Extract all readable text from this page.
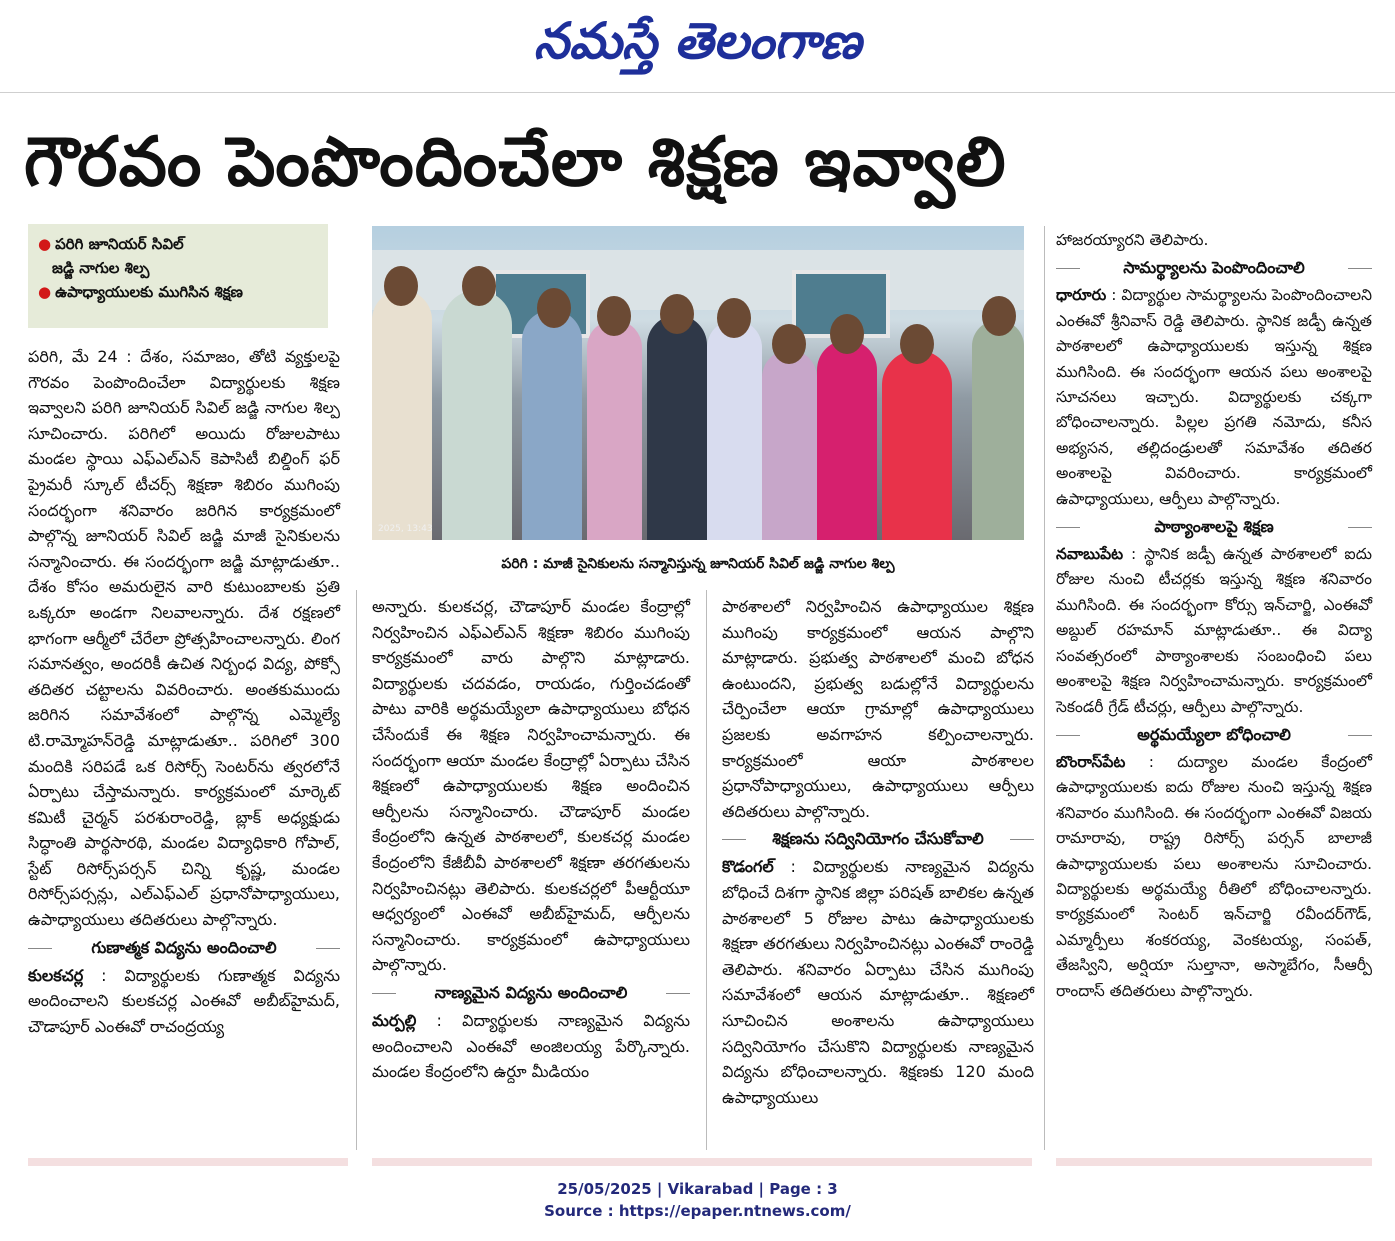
నమస్తే తెలంగాణ
గౌరవం పెంపొందించేలా శిక్షణ ఇవ్వాలి
● పరిగి జూనియర్ సివిల్
జడ్జి నాగుల శిల్ప
● ఉపాధ్యాయులకు ముగిసిన శిక్షణ
2025, 13:43
పరిగి : మాజీ సైనికులను సన్మానిస్తున్న జూనియర్ సివిల్ జడ్జి నాగుల శిల్ప

పరిగి, మే 24 : దేశం, సమాజం, తోటి వ్యక్తులపై గౌరవం పెంపొందించేలా విద్యార్థులకు శిక్షణ ఇవ్వాలని పరిగి జూనియర్ సివిల్ జడ్జి నాగుల శిల్ప సూచించారు. పరిగిలో అయిదు రోజులపాటు మండల స్థాయి ఎఫ్ఎల్ఎన్ కెపాసిటీ బిల్డింగ్ ఫర్ ప్రైమరీ స్కూల్ టీచర్స్ శిక్షణా శిబిరం ముగింపు సందర్భంగా శనివారం జరిగిన కార్యక్రమంలో పాల్గొన్న జూనియర్ సివిల్ జడ్జి మాజీ సైనికులను సన్మానించారు. ఈ సందర్భంగా జడ్జి మాట్లాడుతూ.. దేశం కోసం అమరులైన వారి కుటుంబాలకు ప్రతి ఒక్కరూ అండగా నిలవాలన్నారు. దేశ రక్షణలో భాగంగా ఆర్మీలో చేరేలా ప్రోత్సహించాలన్నారు. లింగ సమానత్వం, అందరికీ ఉచిత నిర్బంధ విద్య, పోక్సో తదితర చట్టాలను వివరించారు. అంతకుముందు జరిగిన సమావేశంలో పాల్గొన్న ఎమ్మెల్యే టి.రామ్మోహన్‌రెడ్డి మాట్లాడుతూ.. పరిగిలో 300 మందికి సరిపడే ఒక రిసోర్స్ సెంటర్‌ను త్వరలోనే ఏర్పాటు చేస్తామన్నారు. కార్యక్రమంలో మార్కెట్ కమిటీ చైర్మన్ పరశురాంరెడ్డి, బ్లాక్ అధ్యక్షుడు సిద్ధాంతి పార్థసారథి, మండల విద్యాధికారి గోపాల్, స్టేట్ రిసోర్స్‌పర్సన్ చిన్ని కృష్ణ, మండల రిసోర్స్‌పర్సన్లు, ఎల్ఎఫ్ఎల్ ప్రధానోపాధ్యాయులు, ఉపాధ్యాయులు తదితరులు పాల్గొన్నారు.

గుణాత్మక విద్యను అందించాలి

కులకచర్ల : విద్యార్థులకు గుణాత్మక విద్యను అందించాలని కులకచర్ల ఎంఈవో అబీబ్‌హైమద్, చౌడాపూర్ ఎంఈవో రాచంద్రయ్య

అన్నారు. కులకచర్ల, చౌడాపూర్ మండల కేంద్రాల్లో నిర్వహించిన ఎఫ్ఎల్ఎన్ శిక్షణా శిబిరం ముగింపు కార్యక్రమంలో వారు పాల్గొని మాట్లాడారు. విద్యార్థులకు చదవడం, రాయడం, గుర్తించడంతో పాటు వారికి అర్థమయ్యేలా ఉపాధ్యాయులు బోధన చేసేందుకే ఈ శిక్షణ నిర్వహించామన్నారు. ఈ సందర్భంగా ఆయా మండల కేంద్రాల్లో ఏర్పాటు చేసిన శిక్షణలో ఉపాధ్యాయులకు శిక్షణ అందించిన ఆర్పీలను సన్మానించారు. చౌడాపూర్ మండల కేంద్రంలోని ఉన్నత పాఠశాలలో, కులకచర్ల మండల కేంద్రంలోని కేజీబీవీ పాఠశాలలో శిక్షణా తరగతులను నిర్వహించినట్లు తెలిపారు. కులకచర్లలో పీఆర్టీయూ ఆధ్వర్యంలో ఎంఈవో అబీబ్‌హైమద్, ఆర్పీలను సన్మానించారు. కార్యక్రమంలో ఉపాధ్యాయులు పాల్గొన్నారు.

నాణ్యమైన విద్యను అందించాలి

మర్పల్లి : విద్యార్థులకు నాణ్యమైన విద్యను అందించాలని ఎంఈవో అంజిలయ్య పేర్కొన్నారు. మండల కేంద్రంలోని ఉర్దూ మీడియం

పాఠశాలలో నిర్వహించిన ఉపాధ్యాయుల శిక్షణ ముగింపు కార్యక్రమంలో ఆయన పాల్గొని మాట్లాడారు. ప్రభుత్వ పాఠశాలలో మంచి బోధన ఉంటుందని, ప్రభుత్వ బడుల్లోనే విద్యార్థులను చేర్పించేలా ఆయా గ్రామాల్లో ఉపాధ్యాయులు ప్రజలకు అవగాహన కల్పించాలన్నారు. కార్యక్రమంలో ఆయా పాఠశాలల ప్రధానోపాధ్యాయులు, ఉపాధ్యాయులు ఆర్పీలు తదితరులు పాల్గొన్నారు.

శిక్షణను సద్వినియోగం చేసుకోవాలి

కొడంగల్ : విద్యార్థులకు నాణ్యమైన విద్యను బోధించే దిశగా స్థానిక జిల్లా పరిషత్ బాలికల ఉన్నత పాఠశాలలో 5 రోజుల పాటు ఉపాధ్యాయులకు శిక్షణా తరగతులు నిర్వహించినట్లు ఎంఈవో రాంరెడ్డి తెలిపారు. శనివారం ఏర్పాటు చేసిన ముగింపు సమావేశంలో ఆయన మాట్లాడుతూ.. శిక్షణలో సూచించిన అంశాలను ఉపాధ్యాయులు సద్వినియోగం చేసుకొని విద్యార్థులకు నాణ్యమైన విద్యను బోధించాలన్నారు. శిక్షణకు 120 మంది ఉపాధ్యాయులు

హాజరయ్యారని తెలిపారు.

సామర్థ్యాలను పెంపొందించాలి

ధారూరు : విద్యార్థుల సామర్థ్యాలను పెంపొందించాలని ఎంఈవో శ్రీనివాస్ రెడ్డి తెలిపారు. స్థానిక జడ్పీ ఉన్నత పాఠశాలలో ఉపాధ్యాయులకు ఇస్తున్న శిక్షణ ముగిసింది. ఈ సందర్భంగా ఆయన పలు అంశాలపై సూచనలు ఇచ్చారు. విద్యార్థులకు చక్కగా బోధించాలన్నారు. పిల్లల ప్రగతి నమోదు, కనీస అభ్యసన, తల్లిదండ్రులతో సమావేశం తదితర అంశాలపై వివరించారు. కార్యక్రమంలో ఉపాధ్యాయులు, ఆర్పీలు పాల్గొన్నారు.

పాఠ్యాంశాలపై శిక్షణ

నవాబుపేట : స్థానిక జడ్పీ ఉన్నత పాఠశాలలో ఐదు రోజుల నుంచి టీచర్లకు ఇస్తున్న శిక్షణ శనివారం ముగిసింది. ఈ సందర్భంగా కోర్సు ఇన్‌చార్జి, ఎంఈవో అబ్దుల్ రహమాన్ మాట్లాడుతూ.. ఈ విద్యా సంవత్సరంలో పాఠ్యాంశాలకు సంబంధించి పలు అంశాలపై శిక్షణ నిర్వహించామన్నారు. కార్యక్రమంలో సెకండరీ గ్రేడ్ టీచర్లు, ఆర్పీలు పాల్గొన్నారు.

అర్థమయ్యేలా బోధించాలి

బొంరాస్‌పేట : దుద్యాల మండల కేంద్రంలో ఉపాధ్యాయులకు ఐదు రోజుల నుంచి ఇస్తున్న శిక్షణ శనివారం ముగిసింది. ఈ సందర్భంగా ఎంఈవో విజయ రామారావు, రాష్ట్ర రిసోర్స్ పర్సన్ బాలాజీ ఉపాధ్యాయులకు పలు అంశాలను సూచించారు. విద్యార్థులకు అర్థమయ్యే రీతిలో బోధించాలన్నారు. కార్యక్రమంలో సెంటర్ ఇన్‌చార్జి రవీందర్‌గౌడ్, ఎమ్మార్పీలు శంకరయ్య, వెంకటయ్య, సంపత్, తేజస్విని, అర్షియా సుల్తానా, అస్మాబేగం, సీఆర్పీ రాందాస్ తదితరులు పాల్గొన్నారు.

25/05/2025 | Vikarabad | Page : 3
Source : https://epaper.ntnews.com/
